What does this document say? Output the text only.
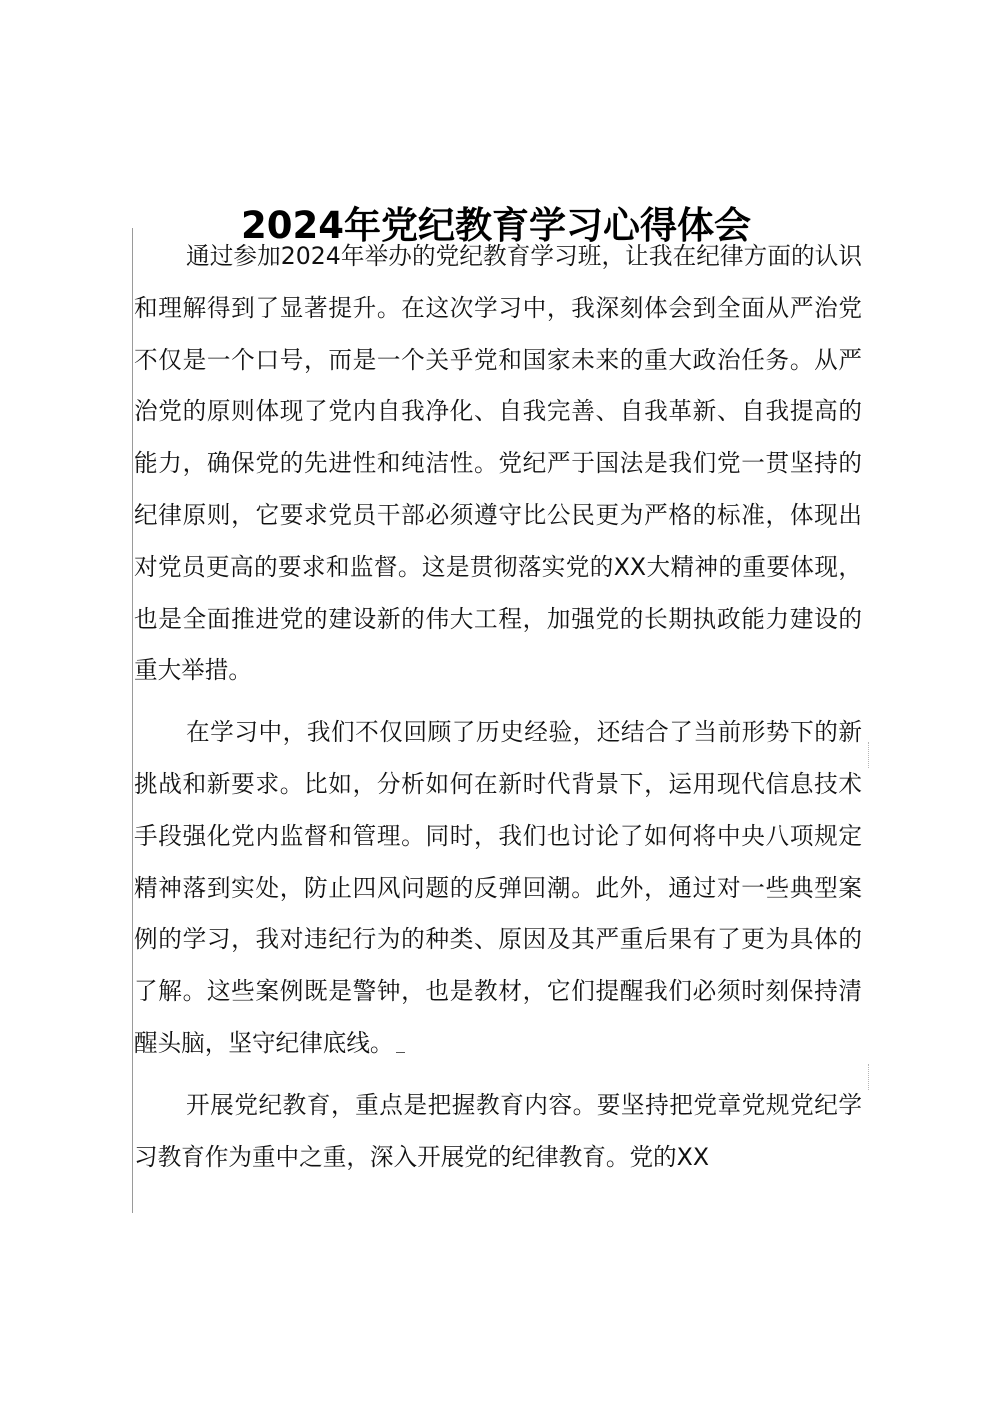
2024年党纪教育学习心得体会

通过参加2024年举办的党纪教育学习班，让我在纪律方面的认识和理解得到了显著提升。在这次学习中，我深刻体会到全面从严治党不仅是一个口号，而是一个关乎党和国家未来的重大政治任务。从严治党的原则体现了党内自我净化、自我完善、自我革新、自我提高的能力，确保党的先进性和纯洁性。党纪严于国法是我们党一贯坚持的纪律原则，它要求党员干部必须遵守比公民更为严格的标准，体现出对党员更高的要求和监督。这是贯彻落实党的XX大精神的重要体现，也是全面推进党的建设新的伟大工程，加强党的长期执政能力建设的重大举措。

在学习中，我们不仅回顾了历史经验，还结合了当前形势下的新挑战和新要求。比如，分析如何在新时代背景下，运用现代信息技术手段强化党内监督和管理。同时，我们也讨论了如何将中央八项规定精神落到实处，防止四风问题的反弹回潮。此外，通过对一些典型案例的学习，我对违纪行为的种类、原因及其严重后果有了更为具体的了解。这些案例既是警钟，也是教材，它们提醒我们必须时刻保持清醒头脑，坚守纪律底线。

开展党纪教育，重点是把握教育内容。要坚持把党章党规党纪学习教育作为重中之重，深入开展党的纪律教育。党的XX
